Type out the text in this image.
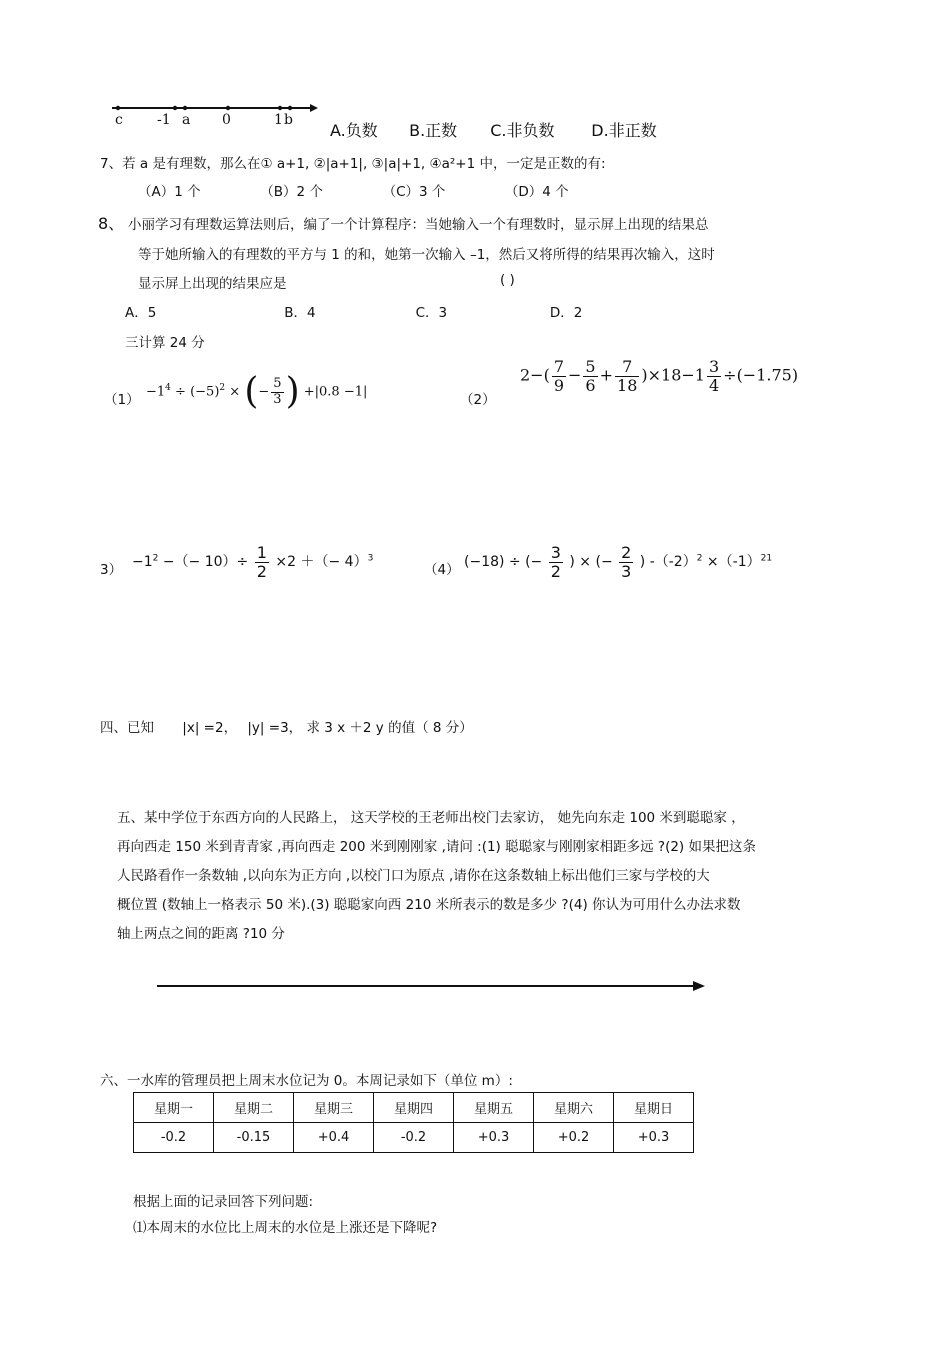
c -1 a 0	1 b
A.负数 B.正数 C.非负数 D.非正数
7、若 a 是有理数，那么在① a+1, ②|a+1|, ③|a|+1, ④a²+1 中，一定是正数的有:
（A）1 个	（B）2 个	（C）3 个	（D）4 个
8、 小丽学习有理数运算法则后，编了一个计算程序：当她输入一个有理数时，显示屏上出现的结果总
等于她所输入的有理数的平方与 1 的和，她第一次输入 –1，然后又将所得的结果再次输入，这时
显示屏上出现的结果应是	( )
A．5	B．4	C．3	D．2
三计算 24 分
$(1) -1^4 \div (-5)^2$ × (− $\frac{5}{3}$ ) +|0.8 −1|	（2）
$2-( \frac{7}{9} - \frac{5}{6} + \frac{7}{18} )\times 18-1 \frac{3}{4} \div(-1.75)$
$3) -1^2$ −（− $10)\div \frac{1}{2} \times 2$ ＋（− 4）$^3$
（4） (−18) ÷ (− $\frac{3}{2}$ ) × (− $\frac{2}{3}$ ) $-(-2)^2 \times(-1)^{21}$
四、已知 |x| =2， |y| =3， 求 3 x ＋2 y 的值（ 8 分）
五、某中学位于东西方向的人民路上， 这天学校的王老师出校门去家访， 她先向东走 100 米到聪聪家 ，
再向西走 150 米到青青家 ,再向西走 200 米到刚刚家 ,请问 :(1) 聪聪家与刚刚家相距多远 ?(2) 如果把这条
人民路看作一条数轴 ,以向东为正方向 ,以校门口为原点 ,请你在这条数轴上标出他们三家与学校的大
概位置 (数轴上一格表示 50 米).(3) 聪聪家向西 210 米所表示的数是多少 ?(4) 你认为可用什么办法求数
轴上两点之间的距离 ?10 分
六、一水库的管理员把上周末水位记为 0。本周记录如下（单位 m）:
星期一	星期二	星期三	星期四	星期五	星期六	星期日
-0.2	-0.15	+0.4	-0.2	+0.3	+0.2	+0.3
根据上面的记录回答下列问题:
⑴本周末的水位比上周末的水位是上涨还是下降呢?
